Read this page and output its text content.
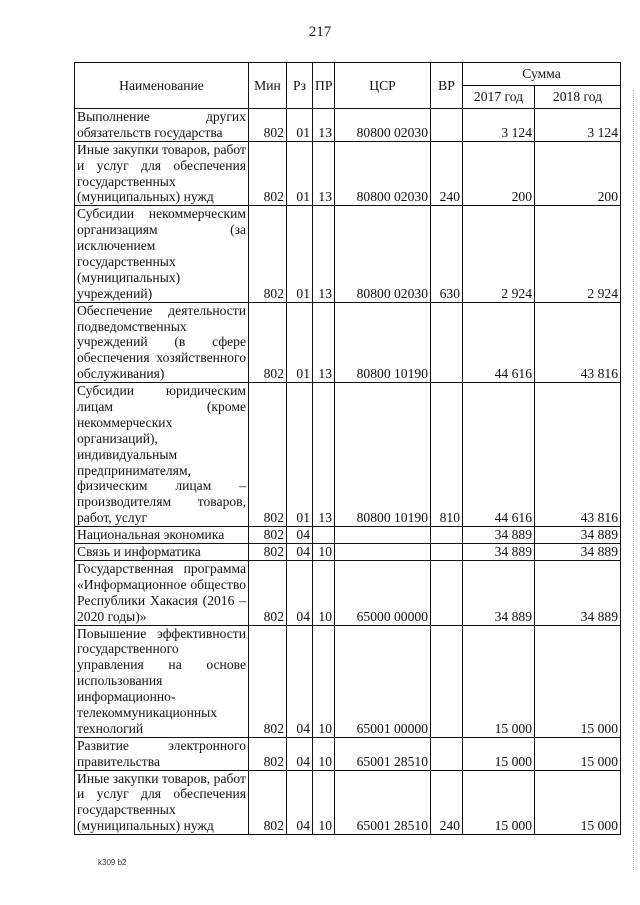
217
Наименование	Мин	Рз	ПР	ЦСР	ВР	Сумма	
						2017 год	2018 год
Выполнение других обязательств государства	802	01	13	80800 02030		3 124	3 124
Иные закупки товаров, работ и услуг для обеспечения государственных (муниципальных) нужд	802	01	13	80800 02030	240	200	200
Субсидии некоммерческим организациям (за исключением государственных (муниципальных) учреждений)	802	01	13	80800 02030	630	2 924	2 924
Обеспечение деятельности подведомственных учреждений (в сфере обеспечения хозяйственного обслуживания)	802	01	13	80800 10190		44 616	43 816
Субсидии юридическим лицам (кроме некоммерческих организаций), индивидуальным предпринимателям, физическим лицам – производителям товаров, работ, услуг	802	01	13	80800 10190	810	44 616	43 816
Национальная экономика	802	04				34 889	34 889
Связь и информатика	802	04	10			34 889	34 889
Государственная программа «Информационное общество Республики Хакасия (2016 – 2020 годы)»	802	04	10	65000 00000		34 889	34 889
Повышение эффективности государственного управления на основе использования информационно-телекоммуникационных технологий	802	04	10	65001 00000		15 000	15 000
Развитие электронного правительства	802	04	10	65001 28510		15 000	15 000
Иные закупки товаров, работ и услуг для обеспечения государственных (муниципальных) нужд	802	04	10	65001 28510	240	15 000	15 000
k309 b2
